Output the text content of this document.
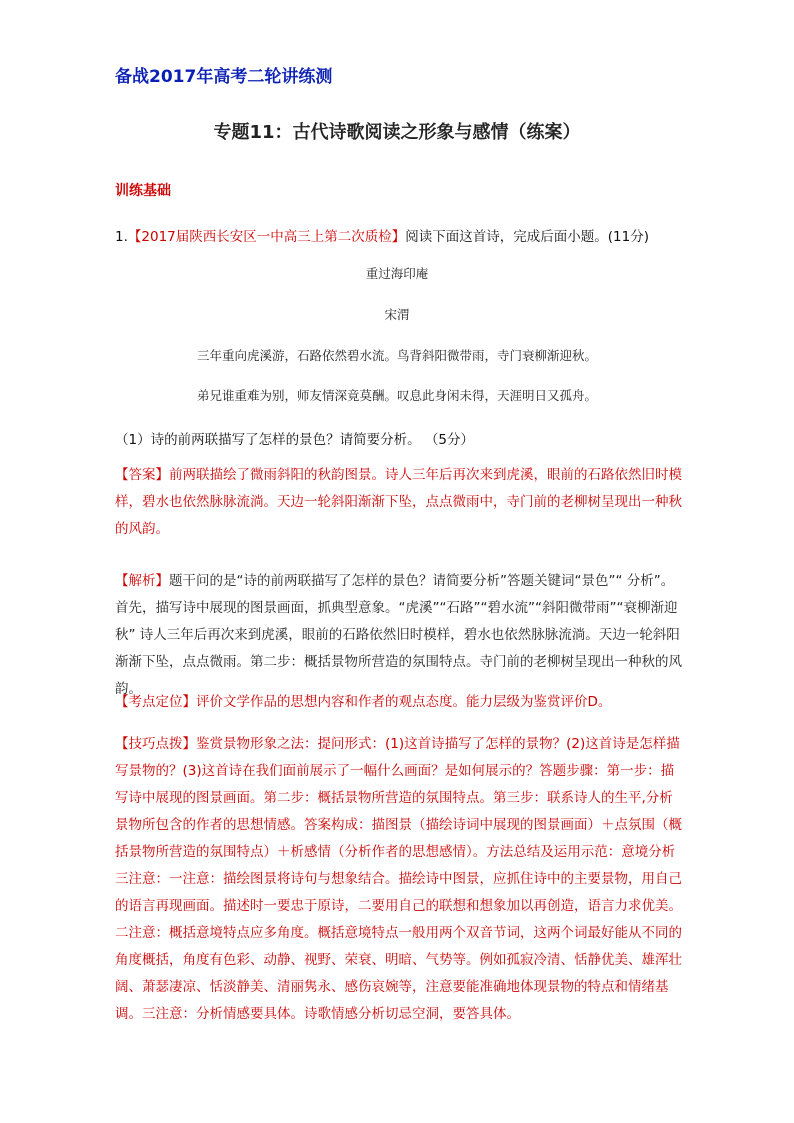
备战2017年高考二轮讲练测
专题11：古代诗歌阅读之形象与感情（练案）
训练基础
1.【2017届陕西长安区一中高三上第二次质检】阅读下面这首诗，完成后面小题。(11分)
重过海印庵
宋渭
三年重向虎溪游，石路依然碧水流。鸟背斜阳微带雨，寺门衰柳渐迎秋。
弟兄谁重难为别，师友情深竟莫酬。叹息此身闲未得，天涯明日又孤舟。
（1）诗的前两联描写了怎样的景色？请简要分析。 （5分）
【答案】前两联描绘了微雨斜阳的秋韵图景。诗人三年后再次来到虎溪，眼前的石路依然旧时模样，碧水也依然脉脉流淌。天边一轮斜阳渐渐下坠，点点微雨中，寺门前的老柳树呈现出一种秋的风韵。
【解析】题干问的是“诗的前两联描写了怎样的景色？请简要分析”答题关键词“景色”“ 分析”。首先，描写诗中展现的图景画面，抓典型意象。“虎溪”“石路”“碧水流”“斜阳微带雨”“衰柳渐迎秋” 诗人三年后再次来到虎溪，眼前的石路依然旧时模样，碧水也依然脉脉流淌。天边一轮斜阳渐渐下坠，点点微雨。第二步：概括景物所营造的氛围特点。寺门前的老柳树呈现出一种秋的风韵。
【考点定位】评价文学作品的思想内容和作者的观点态度。能力层级为鉴赏评价D。
【技巧点拨】鉴赏景物形象之法：提问形式：(1)这首诗描写了怎样的景物？(2)这首诗是怎样描写景物的？(3)这首诗在我们面前展示了一幅什么画面？是如何展示的？答题步骤：第一步：描写诗中展现的图景画面。第二步：概括景物所营造的氛围特点。第三步：联系诗人的生平,分析景物所包含的作者的思想情感。答案构成：描图景（描绘诗词中展现的图景画面）＋点氛围（概括景物所营造的氛围特点）＋析感情（分析作者的思想感情）。方法总结及运用示范：意境分析三注意：一注意：描绘图景将诗句与想象结合。描绘诗中图景，应抓住诗中的主要景物，用自己的语言再现画面。描述时一要忠于原诗，二要用自己的联想和想象加以再创造，语言力求优美。二注意：概括意境特点应多角度。概括意境特点一般用两个双音节词，这两个词最好能从不同的角度概括，角度有色彩、动静、视野、荣衰、明暗、气势等。例如孤寂冷清、恬静优美、雄浑壮阔、萧瑟凄凉、恬淡静美、清丽隽永、感伤哀婉等，注意要能准确地体现景物的特点和情绪基调。三注意：分析情感要具体。诗歌情感分析切忌空洞，要答具体。
